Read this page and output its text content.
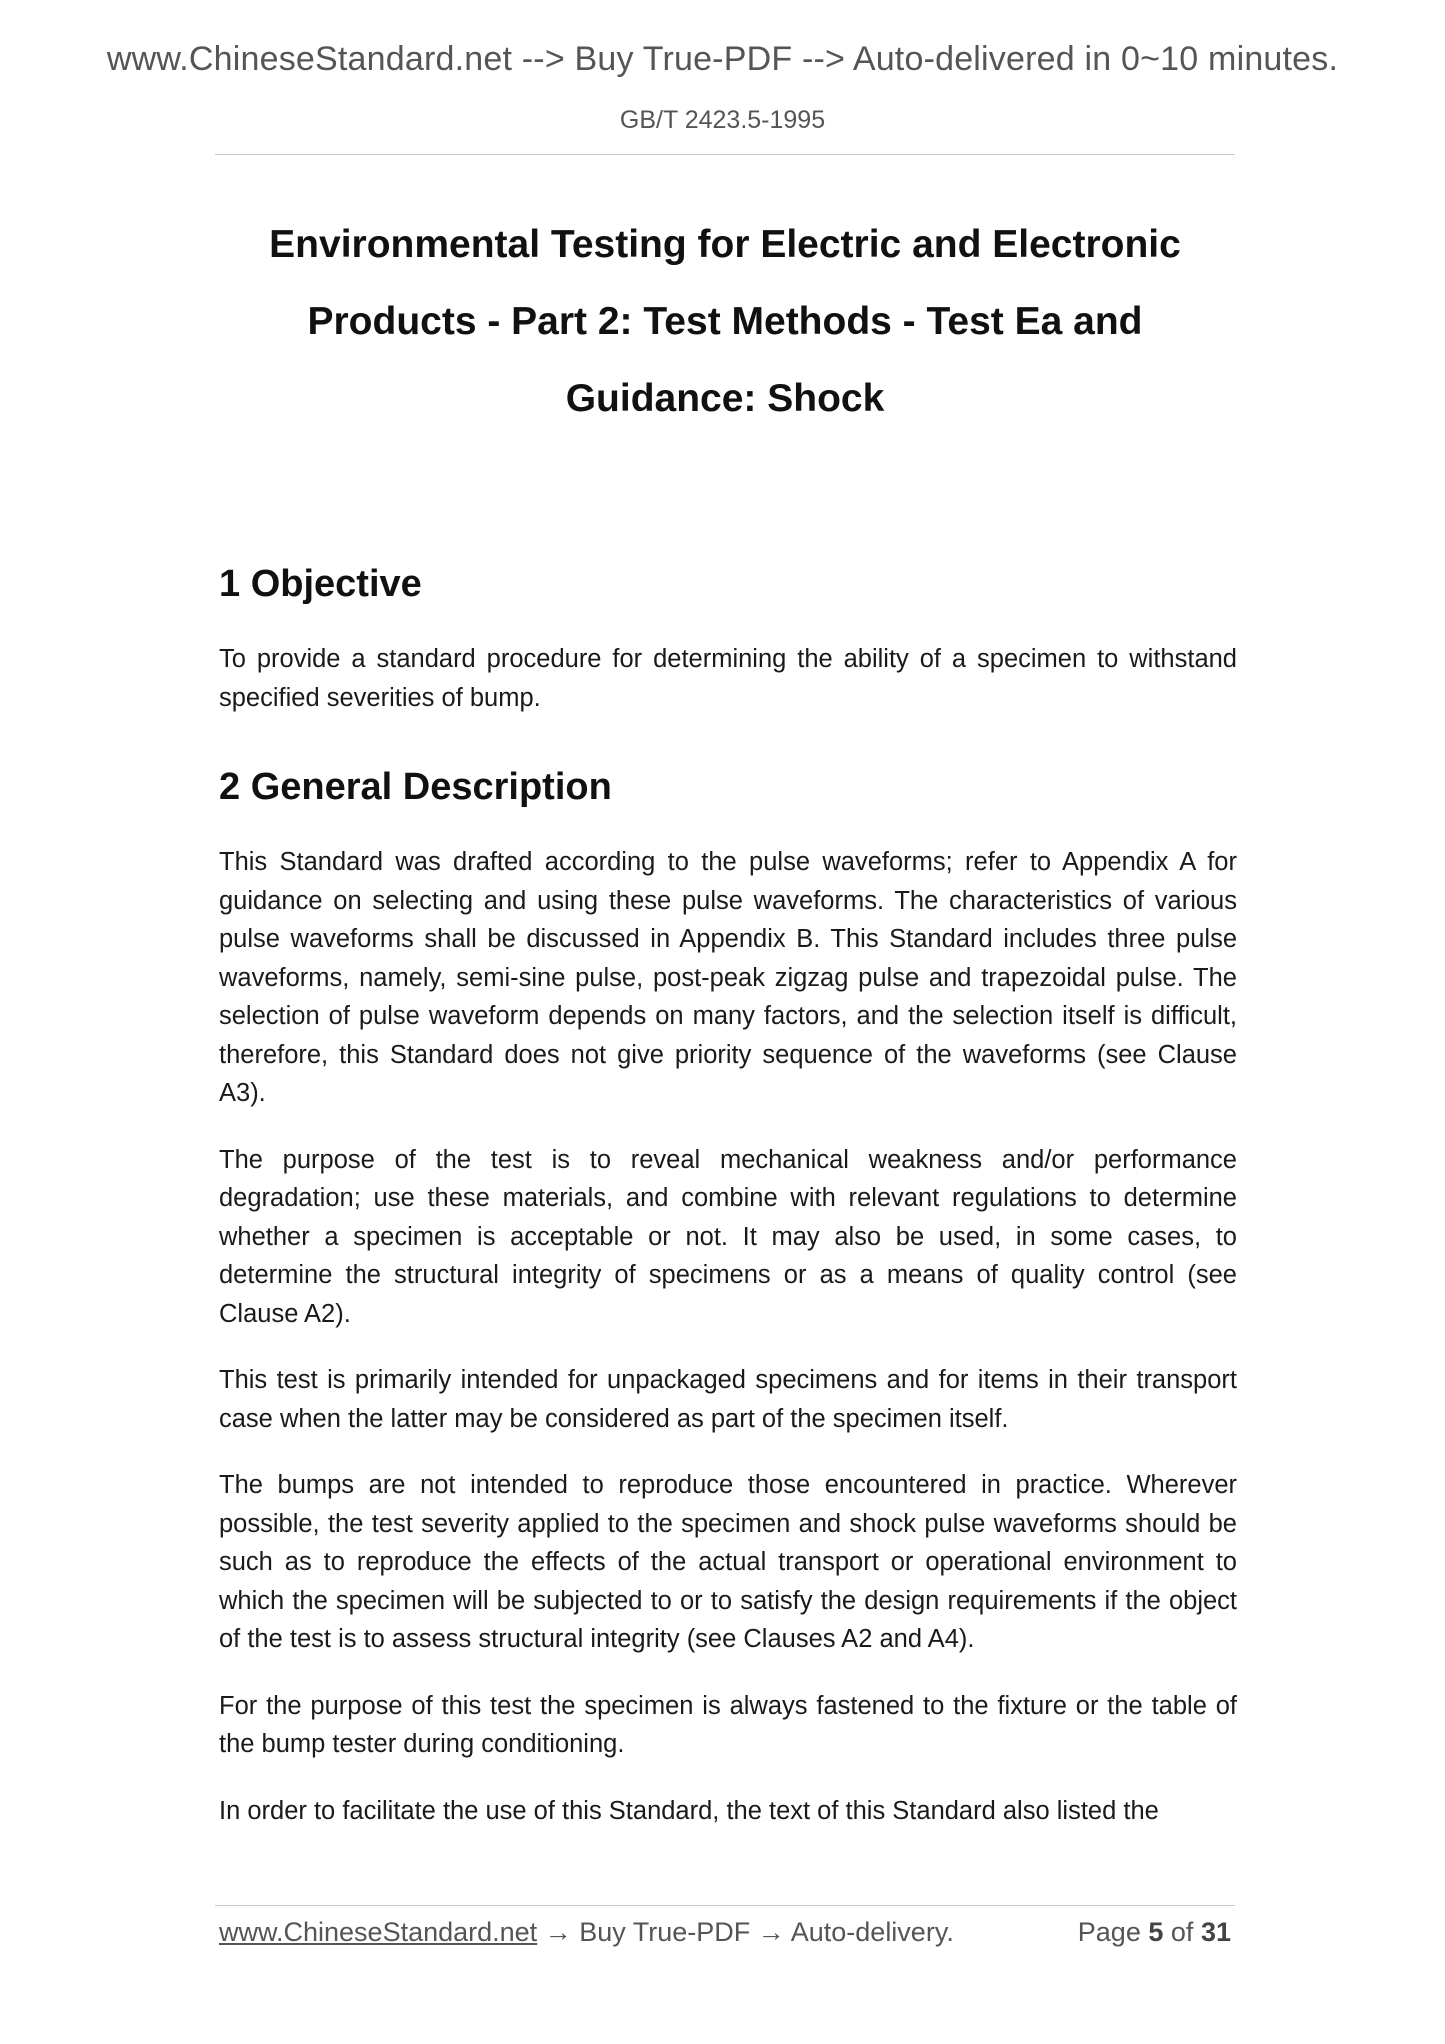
www.ChineseStandard.net --> Buy True-PDF --> Auto-delivered in 0~10 minutes.
GB/T 2423.5-1995
Environmental Testing for Electric and Electronic
Products - Part 2: Test Methods - Test Ea and
Guidance: Shock
1 Objective

To provide a standard procedure for determining the ability of a specimen to withstand specified severities of bump.

2 General Description

This Standard was drafted according to the pulse waveforms; refer to Appendix A for guidance on selecting and using these pulse waveforms. The characteristics of various pulse waveforms shall be discussed in Appendix B. This Standard includes three pulse waveforms, namely, semi-sine pulse, post-peak zigzag pulse and trapezoidal pulse. The selection of pulse waveform depends on many factors, and the selection itself is difficult, therefore, this Standard does not give priority sequence of the waveforms (see Clause A3).

The purpose of the test is to reveal mechanical weakness and/or performance degradation; use these materials, and combine with relevant regulations to determine whether a specimen is acceptable or not. It may also be used, in some cases, to determine the structural integrity of specimens or as a means of quality control (see Clause A2).

This test is primarily intended for unpackaged specimens and for items in their transport case when the latter may be considered as part of the specimen itself.

The bumps are not intended to reproduce those encountered in practice. Wherever possible, the test severity applied to the specimen and shock pulse waveforms should be such as to reproduce the effects of the actual transport or operational environment to which the specimen will be subjected to or to satisfy the design requirements if the object of the test is to assess structural integrity (see Clauses A2 and A4).

For the purpose of this test the specimen is always fastened to the fixture or the table of the bump tester during conditioning.

In order to facilitate the use of this Standard, the text of this Standard also listed the

www.ChineseStandard.net → Buy True-PDF → Auto-delivery.	Page 5 of 31
